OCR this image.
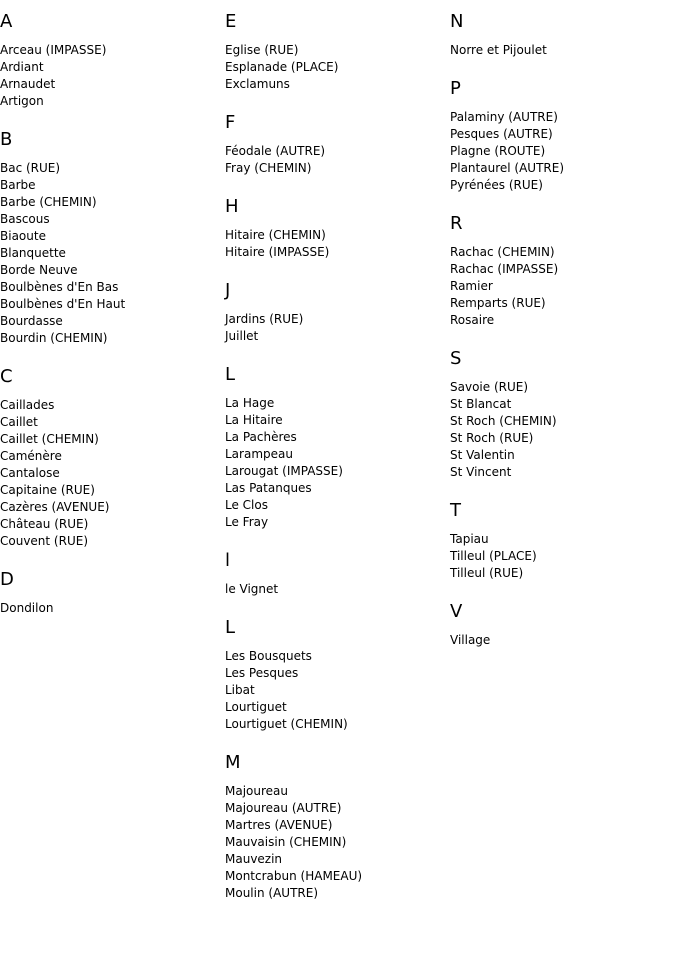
A
Arceau (IMPASSE)
Ardiant
Arnaudet
Artigon
B
Bac (RUE)
Barbe
Barbe (CHEMIN)
Bascous
Biaoute
Blanquette
Borde Neuve
Boulbènes d'En Bas
Boulbènes d'En Haut
Bourdasse
Bourdin (CHEMIN)
C
Caillades
Caillet
Caillet (CHEMIN)
Caménère
Cantalose
Capitaine (RUE)
Cazères (AVENUE)
Château (RUE)
Couvent (RUE)
D
Dondilon
E
Eglise (RUE)
Esplanade (PLACE)
Exclamuns
F
Féodale (AUTRE)
Fray (CHEMIN)
H
Hitaire (CHEMIN)
Hitaire (IMPASSE)
J
Jardins (RUE)
Juillet
L
La Hage
La Hitaire
La Pachères
Larampeau
Larougat (IMPASSE)
Las Patanques
Le Clos
Le Fray
l
le Vignet
L
Les Bousquets
Les Pesques
Libat
Lourtiguet
Lourtiguet (CHEMIN)
M
Majoureau
Majoureau (AUTRE)
Martres (AVENUE)
Mauvaisin (CHEMIN)
Mauvezin
Montcrabun (HAMEAU)
Moulin (AUTRE)
N
Norre et Pijoulet
P
Palaminy (AUTRE)
Pesques (AUTRE)
Plagne (ROUTE)
Plantaurel (AUTRE)
Pyrénées (RUE)
R
Rachac (CHEMIN)
Rachac (IMPASSE)
Ramier
Remparts (RUE)
Rosaire
S
Savoie (RUE)
St Blancat
St Roch (CHEMIN)
St Roch (RUE)
St Valentin
St Vincent
T
Tapiau
Tilleul (PLACE)
Tilleul (RUE)
V
Village
